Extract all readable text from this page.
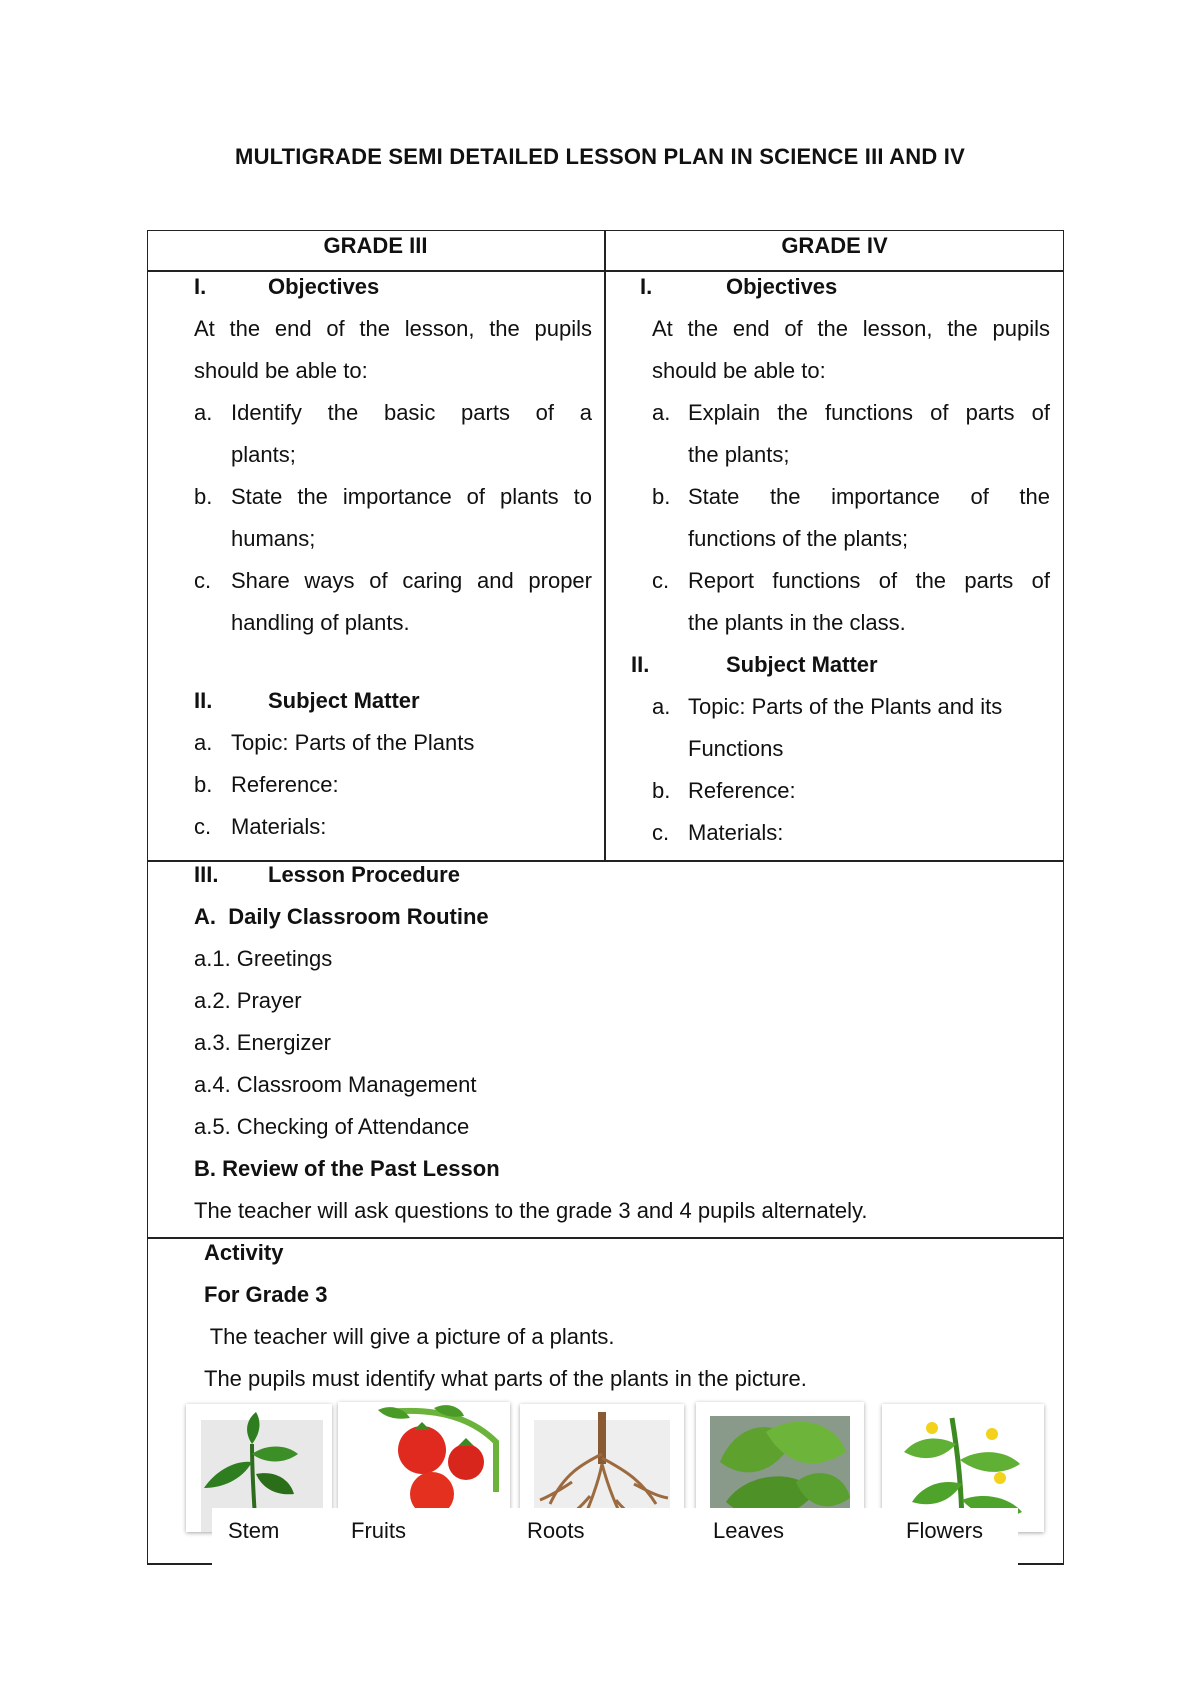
MULTIGRADE SEMI DETAILED LESSON PLAN IN SCIENCE III AND IV
GRADE III	GRADE IV
I.	Objectives
At the end of the lesson, the pupils
should be able to:
a. Identify the basic parts of a
plants;
b. State the importance of plants to
humans;
c. Share ways of caring and proper
handling of plants.
II.	Subject Matter
a. Topic: Parts of the Plants
b. Reference:
c. Materials:
I.	Objectives
At the end of the lesson, the pupils
should be able to:
a. Explain the functions of parts of
the plants;
b. State the importance of the
functions of the plants;
c. Report functions of the parts of
the plants in the class.
II.	Subject Matter
a. Topic: Parts of the Plants and its
Functions
b. Reference:
c. Materials:
III. Lesson Procedure
A.  Daily Classroom Routine
a.1. Greetings
a.2. Prayer
a.3. Energizer
a.4. Classroom Management
a.5. Checking of Attendance
B. Review of the Past Lesson
The teacher will ask questions to the grade 3 and 4 pupils alternately.
Activity
For Grade 3
The teacher will give a picture of a plants.
The pupils must identify what parts of the plants in the picture.
Stem	Fruits	Roots	Leaves	Flowers
